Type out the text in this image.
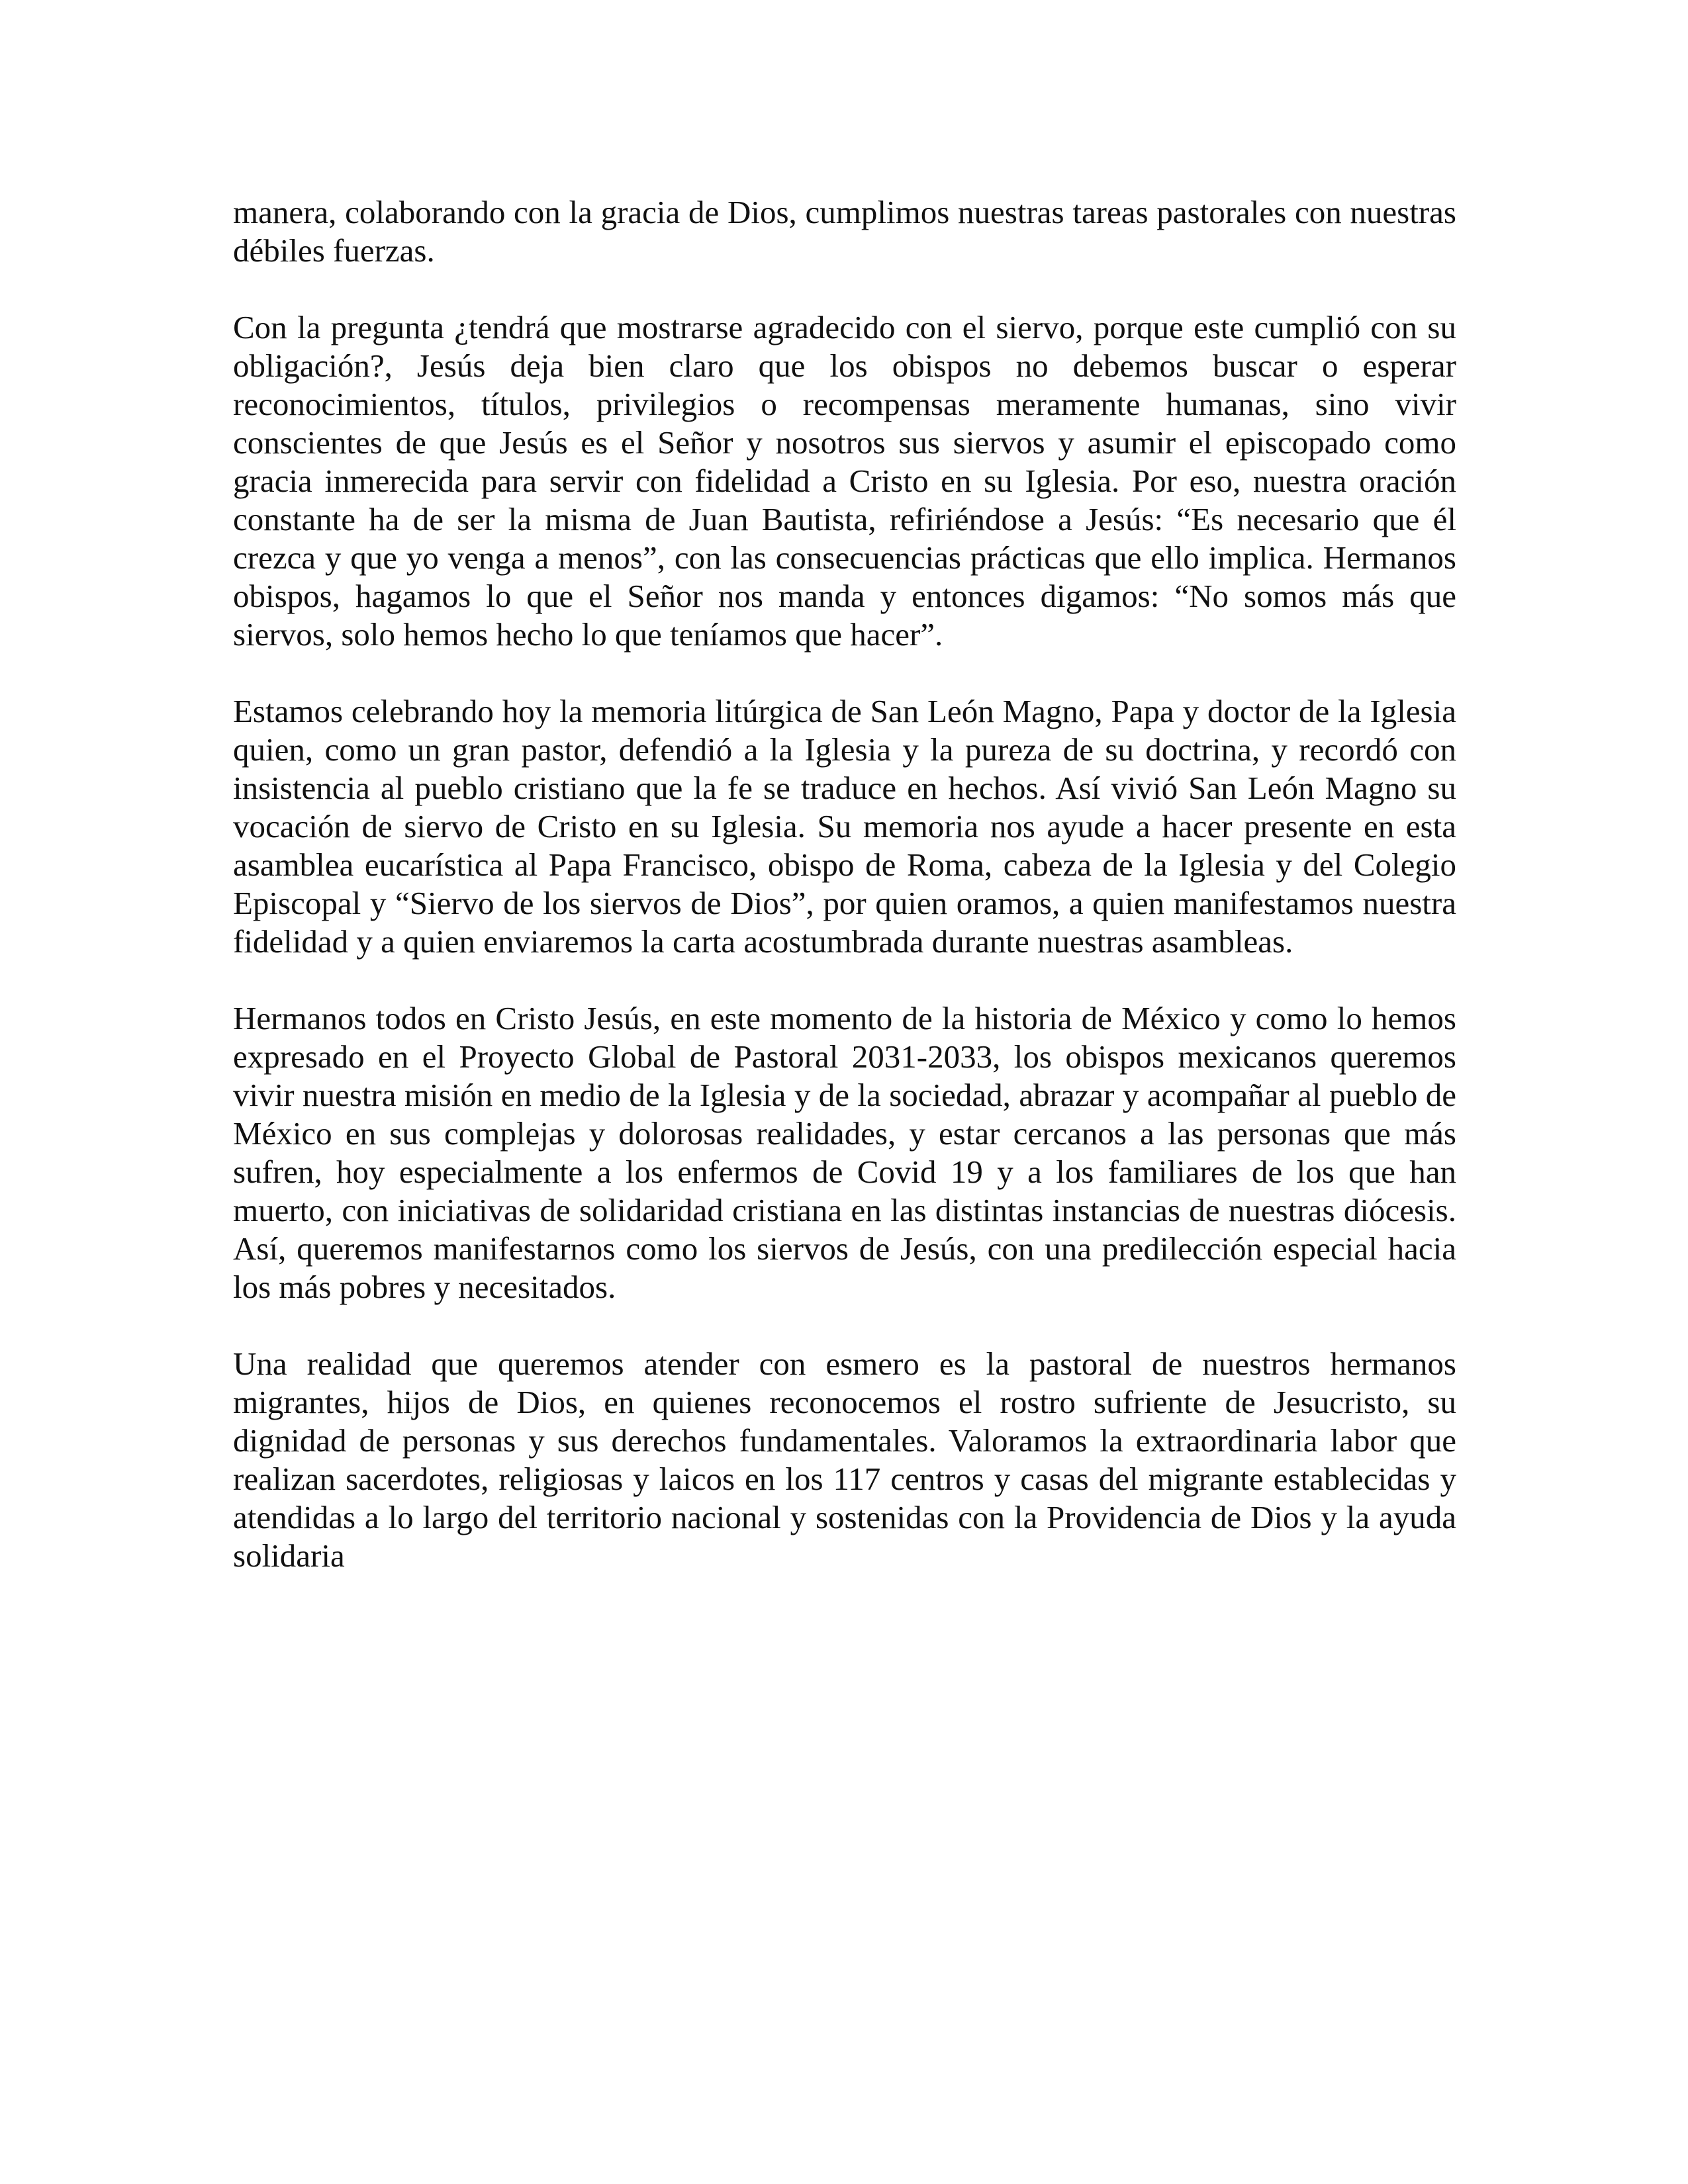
manera, colaborando con la gracia de Dios, cumplimos nuestras tareas pastorales con nuestras débiles fuerzas.

Con la pregunta ¿tendrá que mostrarse agradecido con el siervo, porque este cumplió con su obligación?, Jesús deja bien claro que los obispos no debemos buscar o esperar reconocimientos, títulos, privilegios o recompensas meramente humanas, sino vivir conscientes de que Jesús es el Señor y nosotros sus siervos y asumir el episcopado como gracia inmerecida para servir con fidelidad a Cristo en su Iglesia. Por eso, nuestra oración constante ha de ser la misma de Juan Bautista, refiriéndose a Jesús: “Es necesario que él crezca y que yo venga a menos”, con las consecuencias prácticas que ello implica. Hermanos obispos, hagamos lo que el Señor nos manda y entonces digamos: “No somos más que siervos, solo hemos hecho lo que teníamos que hacer”.

Estamos celebrando hoy la memoria litúrgica de San León Magno, Papa y doctor de la Iglesia quien, como un gran pastor, defendió a la Iglesia y la pureza de su doctrina, y recordó con insistencia al pueblo cristiano que la fe se traduce en hechos. Así vivió San León Magno su vocación de siervo de Cristo en su Iglesia. Su memoria nos ayude a hacer presente en esta asamblea eucarística al Papa Francisco, obispo de Roma, cabeza de la Iglesia y del Colegio Episcopal y “Siervo de los siervos de Dios”, por quien oramos, a quien manifestamos nuestra fidelidad y a quien enviaremos la carta acostumbrada durante nuestras asambleas.

Hermanos todos en Cristo Jesús, en este momento de la historia de México y como lo hemos expresado en el Proyecto Global de Pastoral 2031-2033, los obispos mexicanos queremos vivir nuestra misión en medio de la Iglesia y de la sociedad, abrazar y acompañar al pueblo de México en sus complejas y dolorosas realidades, y estar cercanos a las personas que más sufren, hoy especialmente a los enfermos de Covid 19 y a los familiares de los que han muerto, con iniciativas de solidaridad cristiana en las distintas instancias de nuestras diócesis. Así, queremos manifestarnos como los siervos de Jesús, con una predilección especial hacia los más pobres y necesitados.

Una realidad que queremos atender con esmero es la pastoral de nuestros hermanos migrantes, hijos de Dios, en quienes reconocemos el rostro sufriente de Jesucristo, su dignidad de personas y sus derechos fundamentales. Valoramos la extraordinaria labor que realizan sacerdotes, religiosas y laicos en los 117 centros y casas del migrante establecidas y atendidas a lo largo del territorio nacional y sostenidas con la Providencia de Dios y la ayuda solidaria
